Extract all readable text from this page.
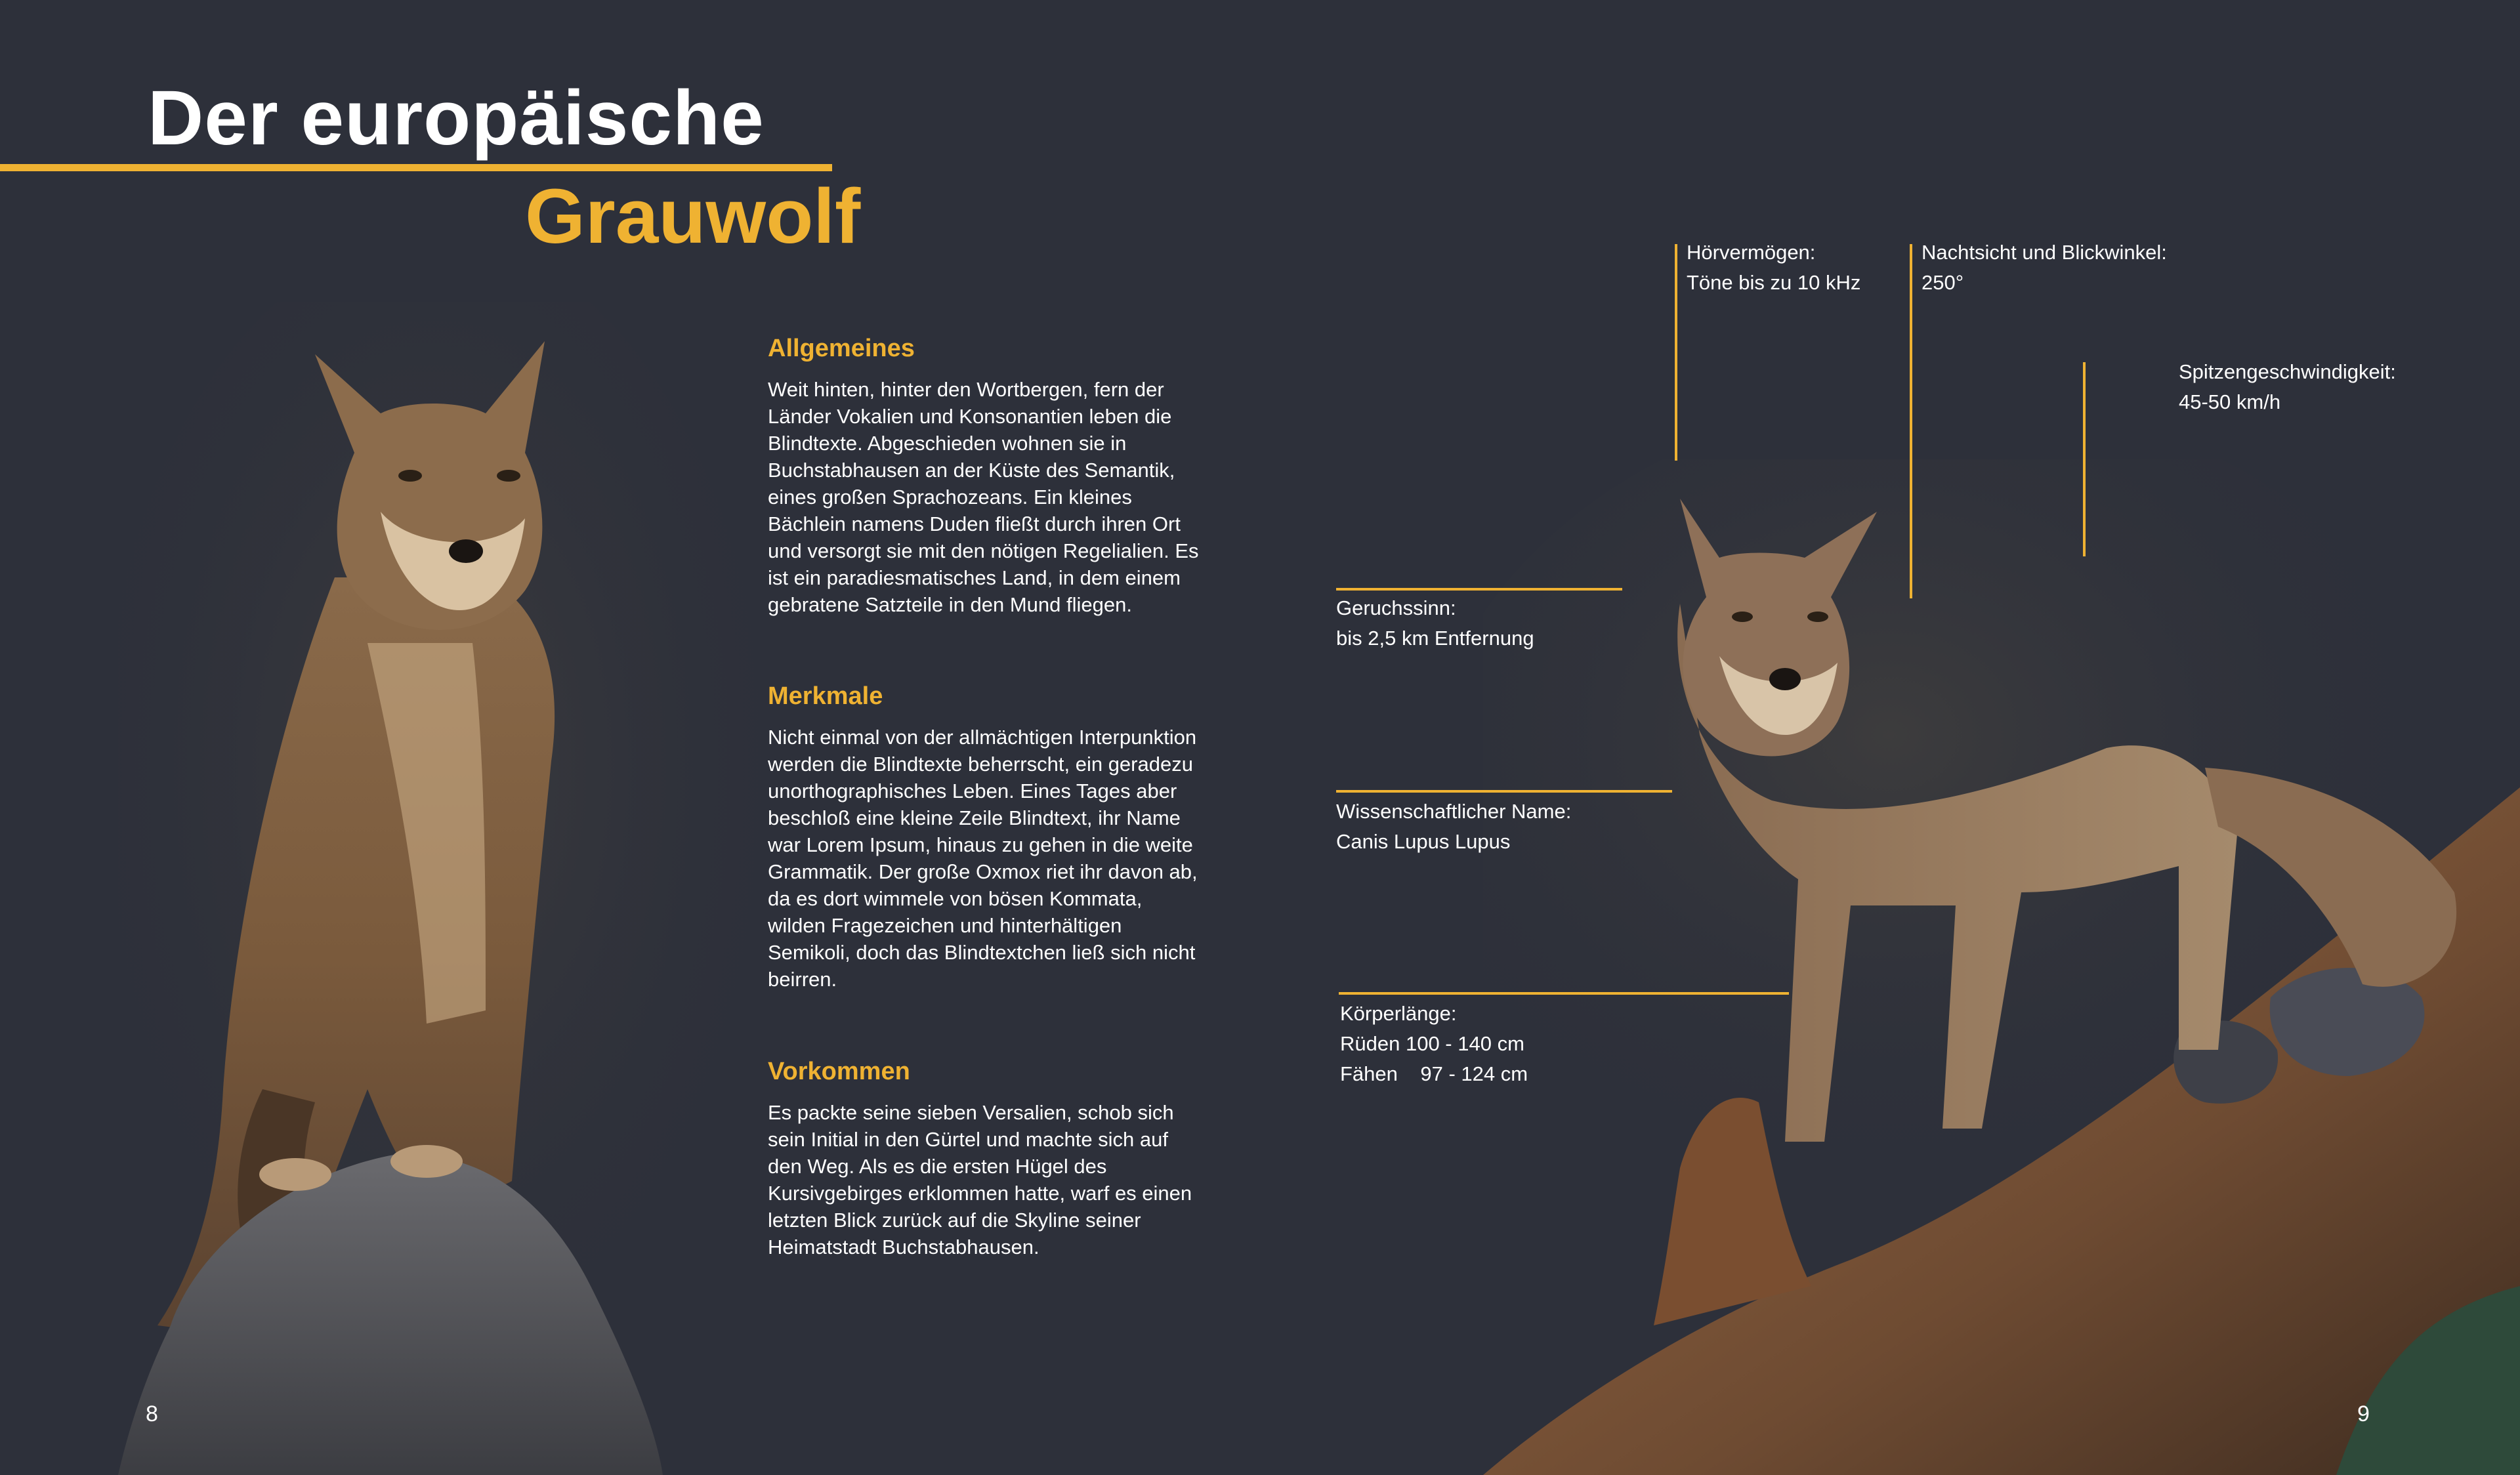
Der europäische
Grauwolf
Allgemeines

Weit hinten, hinter den Wortbergen, fern der Länder Vokalien und Konsonantien leben die Blindtexte. Abgeschieden wohnen sie in Buchstabhausen an der Küste des Semantik, eines großen Sprachozeans. Ein kleines Bächlein namens Duden fließt durch ihren Ort und versorgt sie mit den nötigen Regelialien. Es ist ein paradiesmatisches Land, in dem einem gebratene Satzteile in den Mund fliegen.

Merkmale

Nicht einmal von der allmächtigen Interpunktion werden die Blindtexte beherrscht, ein geradezu unorthographisches Leben. Eines Tages aber beschloß eine kleine Zeile Blindtext, ihr Name war Lorem Ipsum, hinaus zu gehen in die weite Grammatik. Der große Oxmox riet ihr davon ab, da es dort wimmele von bösen Kommata, wilden Fragezeichen und hinterhältigen Semikoli, doch das Blindtextchen ließ sich nicht beirren.

Vorkommen

Es packte seine sieben Versalien, schob sich sein Initial in den Gürtel und machte sich auf den Weg. Als es die ersten Hügel des Kursivgebirges erklommen hatte, warf es einen letzten Blick zurück auf die Skyline seiner Heimatstadt Buchstabhausen.

Hörvermögen:
Töne bis zu 10 kHz
Nachtsicht und Blickwinkel:
250°
Spitzengeschwindigkeit:
45-50 km/h
Geruchssinn:
bis 2,5 km Entfernung
Wissenschaftlicher Name:
Canis Lupus Lupus
Körperlänge:
Rüden 100 - 140 cm
Fähen    97 - 124 cm
8	9
